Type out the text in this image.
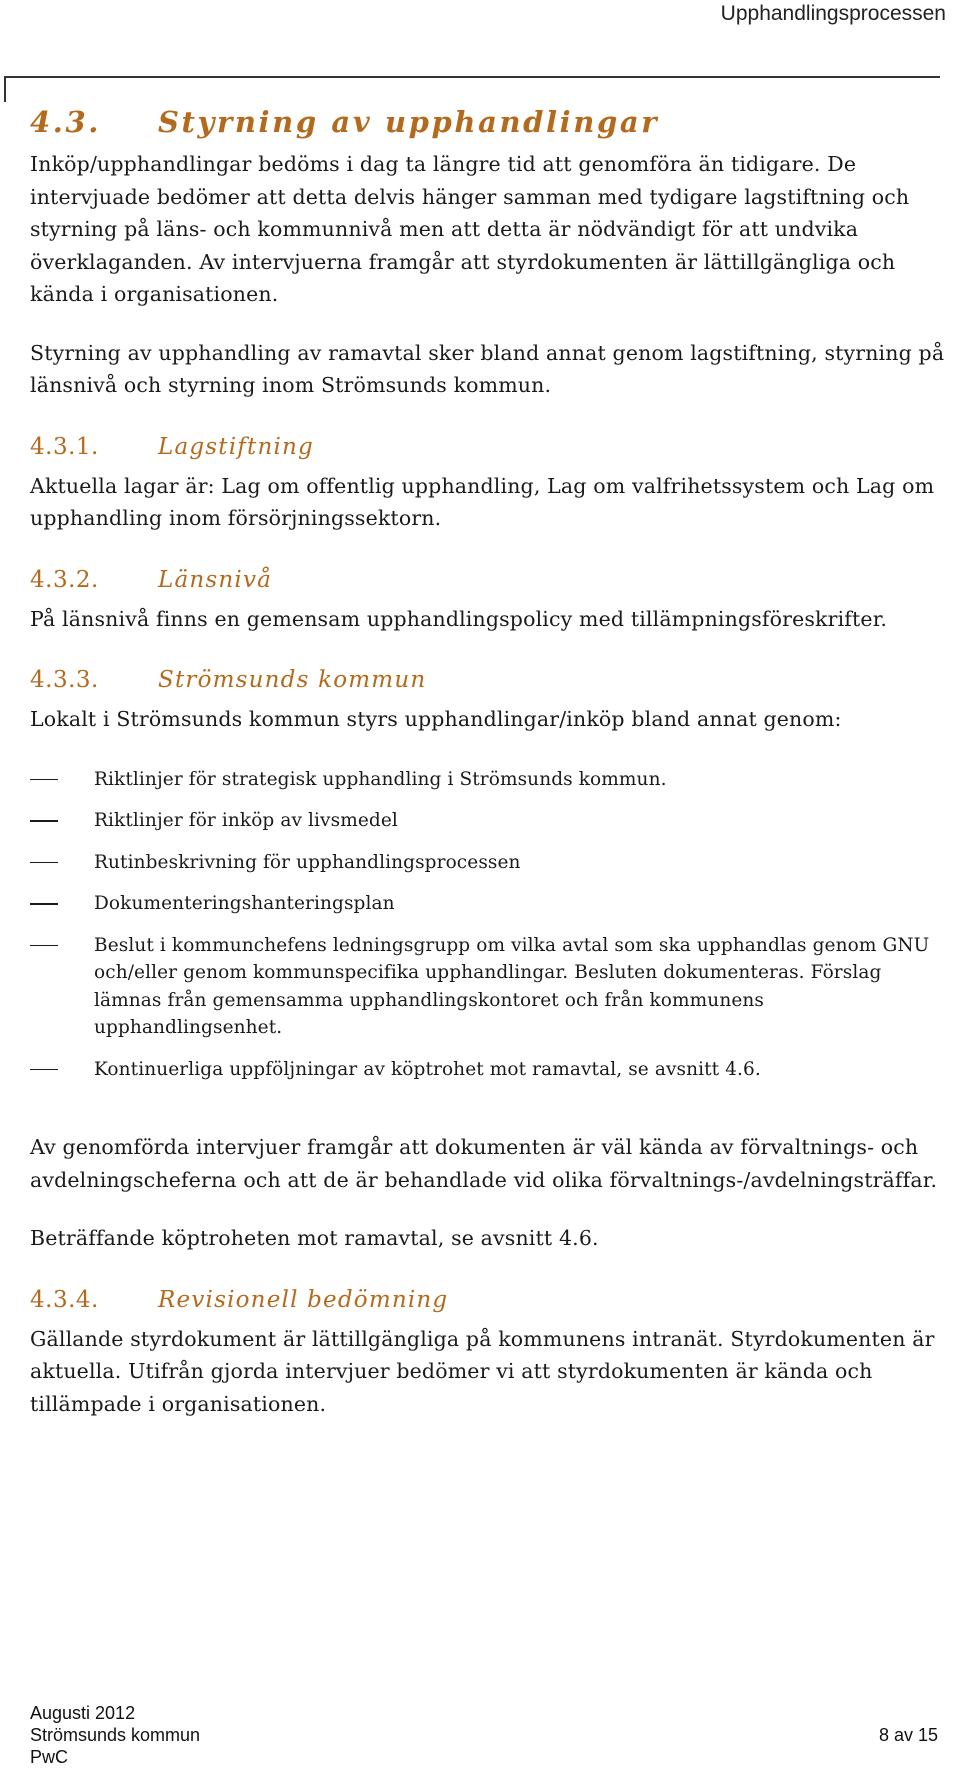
Upphandlingsprocessen
4.3. Styrning av upphandlingar

Inköp/upphandlingar bedöms i dag ta längre tid att genomföra än tidigare. De intervjuade bedömer att detta delvis hänger samman med tydigare lagstiftning och styrning på läns- och kommunnivå men att detta är nödvändigt för att undvika överklaganden. Av intervjuerna framgår att styrdokumenten är lättillgängliga och kända i organisationen.

Styrning av upphandling av ramavtal sker bland annat genom lagstiftning, styrning på länsnivå och styrning inom Strömsunds kommun.

4.3.1.	Lagstiftning

Aktuella lagar är: Lag om offentlig upphandling, Lag om valfrihetssystem och Lag om upphandling inom försörjningssektorn.

4.3.2.	Länsnivå

På länsnivå finns en gemensam upphandlingspolicy med tillämpningsföreskrifter.

4.3.3.	Strömsunds kommun

Lokalt i Strömsunds kommun styrs upphandlingar/inköp bland annat genom:

Riktlinjer för strategisk upphandling i Strömsunds kommun.
Riktlinjer för inköp av livsmedel
Rutinbeskrivning för upphandlingsprocessen
Dokumenteringshanteringsplan
Beslut i kommunchefens ledningsgrupp om vilka avtal som ska upphandlas genom GNU och/eller genom kommunspecifika upphandlingar. Besluten dokumenteras. Förslag lämnas från gemensamma upphandlingskontoret och från kommunens upphandlingsenhet.
Kontinuerliga uppföljningar av köptrohet mot ramavtal, se avsnitt 4.6.

Av genomförda intervjuer framgår att dokumenten är väl kända av förvaltnings- och avdelningscheferna och att de är behandlade vid olika förvaltnings-/avdelningsträffar.

Beträffande köptroheten mot ramavtal, se avsnitt 4.6.

4.3.4.	Revisionell bedömning

Gällande styrdokument är lättillgängliga på kommunens intranät. Styrdokumenten är aktuella. Utifrån gjorda intervjuer bedömer vi att styrdokumenten är kända och tillämpade i organisationen.

Augusti 2012
Strömsunds kommun
PwC
8 av 15
